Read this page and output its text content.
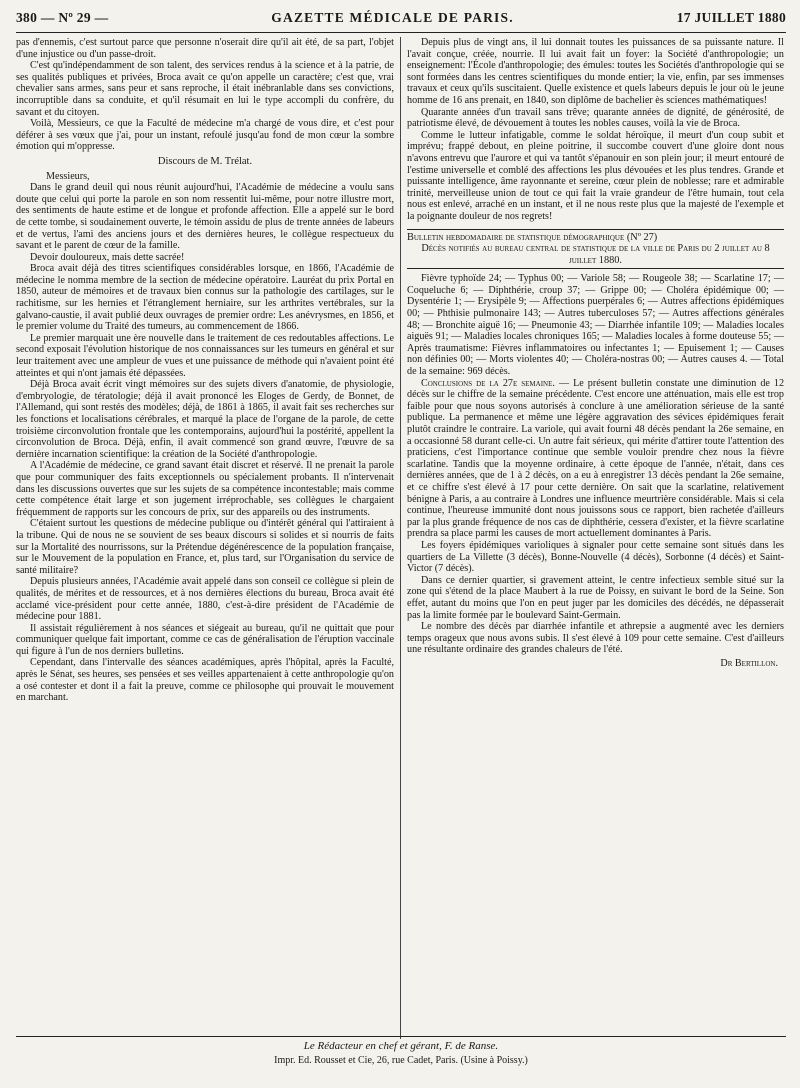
380 — Nº 29 —	GAZETTE MÉDICALE DE PARIS.	17 JUILLET 1880

pas d'ennemis, c'est surtout parce que personne n'oserait dire qu'il ait été, de sa part, l'objet d'une injustice ou d'un passe-droit.

C'est qu'indépendamment de son talent, des services rendus à la science et à la patrie, de ses qualités publiques et privées, Broca avait ce qu'on appelle un caractère; c'est que, vrai chevalier sans armes, sans peur et sans reproche, il était inébranlable dans ses convictions, incorruptible dans sa conduite, et qu'il résumait en lui le type accompli du confrère, du savant et du citoyen.

Voilà, Messieurs, ce que la Faculté de médecine m'a chargé de vous dire, et c'est pour déférer à ses vœux que j'ai, pour un instant, refoulé jusqu'au fond de mon cœur la sombre émotion qui m'oppresse.

Discours de M. Trélat.

Messieurs,

Dans le grand deuil qui nous réunit aujourd'hui, l'Académie de médecine a voulu sans doute que celui qui porte la parole en son nom ressentit lui-même, pour notre illustre mort, des sentiments de haute estime et de longue et profonde affection. Elle a appelé sur le bord de cette tombe, si soudainement ouverte, le témoin assidu de plus de trente années de labeurs et de vertus, l'ami des anciens jours et des dernières heures, le collègue respectueux du savant et le parent de cœur de la famille.

Devoir douloureux, mais dette sacrée!

Broca avait déjà des titres scientifiques considérables lorsque, en 1866, l'Académie de médecine le nomma membre de la section de médecine opératoire. Lauréat du prix Portal en 1850, auteur de mémoires et de travaux bien connus sur la pathologie des cartilages, sur le rachitisme, sur les hernies et l'étranglement herniaire, sur les arthrites vertébrales, sur la galvano-caustie, il avait publié deux ouvrages de premier ordre: Les anévrysmes, en 1856, et le premier volume du Traité des tumeurs, au commencement de 1866.

Le premier marquait une ère nouvelle dans le traitement de ces redoutables affections. Le second exposait l'évolution historique de nos connaissances sur les tumeurs en général et sur leur traitement avec une ampleur de vues et une puissance de méthode qui n'avaient point été atteintes et qui n'ont jamais été dépassées.

Déjà Broca avait écrit vingt mémoires sur des sujets divers d'anatomie, de physiologie, d'embryologie, de tératologie; déjà il avait prononcé les Eloges de Gerdy, de Bonnet, de l'Allemand, qui sont restés des modèles; déjà, de 1861 à 1865, il avait fait ses recherches sur les fonctions et localisations cérébrales, et marqué la place de l'organe de la parole, de cette troisième circonvolution frontale que les contemporains, aujourd'hui la postérité, appellent la circonvolution de Broca. Déjà, enfin, il avait commencé son grand œuvre, l'œuvre de sa dernière incarnation scientifique: la création de la Société d'anthropologie.

A l'Académie de médecine, ce grand savant était discret et réservé. Il ne prenait la parole que pour communiquer des faits exceptionnels ou spécialement probants. Il n'intervenait dans les discussions ouvertes que sur les sujets de sa compétence incontestable; mais comme cette compétence était large et son jugement irréprochable, ses collègues le chargaient fréquemment de rapports sur les concours de prix, sur des appareils ou des instruments.

C'étaient surtout les questions de médecine publique ou d'intérêt général qui l'attiraient à la tribune. Qui de nous ne se souvient de ses beaux discours si solides et si nourris de faits sur la Mortalité des nourrissons, sur la Prétendue dégénérescence de la population française, sur le Mouvement de la population en France, et, plus tard, sur l'Organisation du service de santé militaire?

Depuis plusieurs années, l'Académie avait appelé dans son conseil ce collègue si plein de qualités, de mérites et de ressources, et à nos dernières élections du bureau, Broca avait été acclamé vice-président pour cette année, 1880, c'est-à-dire président de l'Académie de médecine pour 1881.

Il assistait régulièrement à nos séances et siégeait au bureau, qu'il ne quittait que pour communiquer quelque fait important, comme ce cas de généralisation de l'éruption vaccinale qui figure à l'un de nos derniers bulletins.

Cependant, dans l'intervalle des séances académiques, après l'hôpital, après la Faculté, après le Sénat, ses heures, ses pensées et ses veilles appartenaient à cette anthropologie qu'on a osé contester et dont il a fait la preuve, comme ce philosophe qui prouvait le mouvement en marchant.

Depuis plus de vingt ans, il lui donnait toutes les puissances de sa puissante nature. Il l'avait conçue, créée, nourrie. Il lui avait fait un foyer: la Société d'anthropologie; un enseignement: l'École d'anthropologie; des émules: toutes les Sociétés d'anthropologie qui se sont formées dans les centres scientifiques du monde entier; la vie, enfin, par ses immenses travaux et ceux qu'ils suscitaient. Quelle existence et quels labeurs depuis le jour où le jeune homme de 16 ans prenait, en 1840, son diplôme de bachelier ès sciences mathématiques!

Quarante années d'un travail sans trêve; quarante années de dignité, de générosité, de patriotisme élevé, de dévouement à toutes les nobles causes, voilà la vie de Broca.

Comme le lutteur infatigable, comme le soldat héroïque, il meurt d'un coup subit et imprévu; frappé debout, en pleine poitrine, il succombe couvert d'une gloire dont nous n'avons entrevu que l'aurore et qui va tantôt s'épanouir en son plein jour; il meurt entouré de l'estime universelle et comblé des affections les plus dévouées et les plus tendres. Grande et puissante intelligence, âme rayonnante et sereine, cœur plein de noblesse; rare et admirable trinité, merveilleuse union de tout ce qui fait la vraie grandeur de l'être humain, tout cela nous est enlevé, arraché en un instant, et il ne nous reste plus que la majesté de l'exemple et la poignante douleur de nos regrets!

Bulletin hebdomadaire de statistique démographique (Nº 27)
Décès notifiés au bureau central de statistique de la ville de Paris du 2 juillet au 8 juillet 1880.

Fièvre typhoïde 24; — Typhus 00; — Variole 58; — Rougeole 38; — Scarlatine 17; — Coqueluche 6; — Diphthérie, croup 37; — Grippe 00; — Choléra épidémique 00; — Dysentérie 1; — Erysipèle 9; — Affections puerpérales 6; — Autres affections épidémiques 00; — Phthisie pulmonaire 143; — Autres tuberculoses 57; — Autres affections générales 48; — Bronchite aiguë 16; — Pneumonie 43; — Diarrhée infantile 109; — Maladies locales aiguës 91; — Maladies locales chroniques 165; — Maladies locales à forme douteuse 55; — Après traumatisme: Fièvres inflammatoires ou infectantes 1; — Epuisement 1; — Causes non définies 00; — Morts violentes 40; — Choléra-nostras 00; — Autres causes 4. — Total de la semaine: 969 décès.

Conclusions de la 27e semaine. — Le présent bulletin constate une diminution de 12 décès sur le chiffre de la semaine précédente. C'est encore une atténuation, mais elle est trop faible pour que nous soyons autorisés à conclure à une amélioration sérieuse de la santé publique. La permanence et même une légère aggravation des sévices épidémiques ferait plutôt craindre le contraire. La variole, qui avait fourni 48 décès pendant la 26e semaine, en a occasionné 58 durant celle-ci. Un autre fait sérieux, qui mérite d'attirer toute l'attention des praticiens, c'est l'importance continue que semble vouloir prendre chez nous la fièvre scarlatine. Tandis que la moyenne ordinaire, à cette époque de l'année, n'était, dans ces dernières années, que de 1 à 2 décès, on a eu à enregistrer 13 décès pendant la 26e semaine, et ce chiffre s'est élevé à 17 pour cette dernière. On sait que la scarlatine, relativement bénigne à Paris, a au contraire à Londres une influence meurtrière considérable. Mais si cela continue, l'heureuse immunité dont nous jouissons sous ce rapport, bien rachetée d'ailleurs par la plus grande fréquence de nos cas de diphthérie, cessera d'exister, et la fièvre scarlatine prendra sa place parmi les causes de mort actuellement dominantes à Paris.

Les foyers épidémiques varioliques à signaler pour cette semaine sont situés dans les quartiers de La Villette (3 décès), Bonne-Nouvelle (4 décès), Sorbonne (4 décès) et Saint-Victor (7 décès).

Dans ce dernier quartier, si gravement atteint, le centre infectieux semble situé sur la zone qui s'étend de la place Maubert à la rue de Poissy, en suivant le bord de la Seine. Son effet, autant du moins que l'on en peut juger par les domiciles des décédés, ne dépasserait pas la limite formée par le boulevard Saint-Germain.

Le nombre des décès par diarrhée infantile et athrepsie a augmenté avec les derniers temps orageux que nous avons subis. Il s'est élevé à 109 pour cette semaine. C'est d'ailleurs une résultante ordinaire des grandes chaleurs de l'été.

Dr Bertillon.
Le Rédacteur en chef et gérant, F. de Ranse.
Impr. Ed. Rousset et Cie, 26, rue Cadet, Paris. (Usine à Poissy.)
